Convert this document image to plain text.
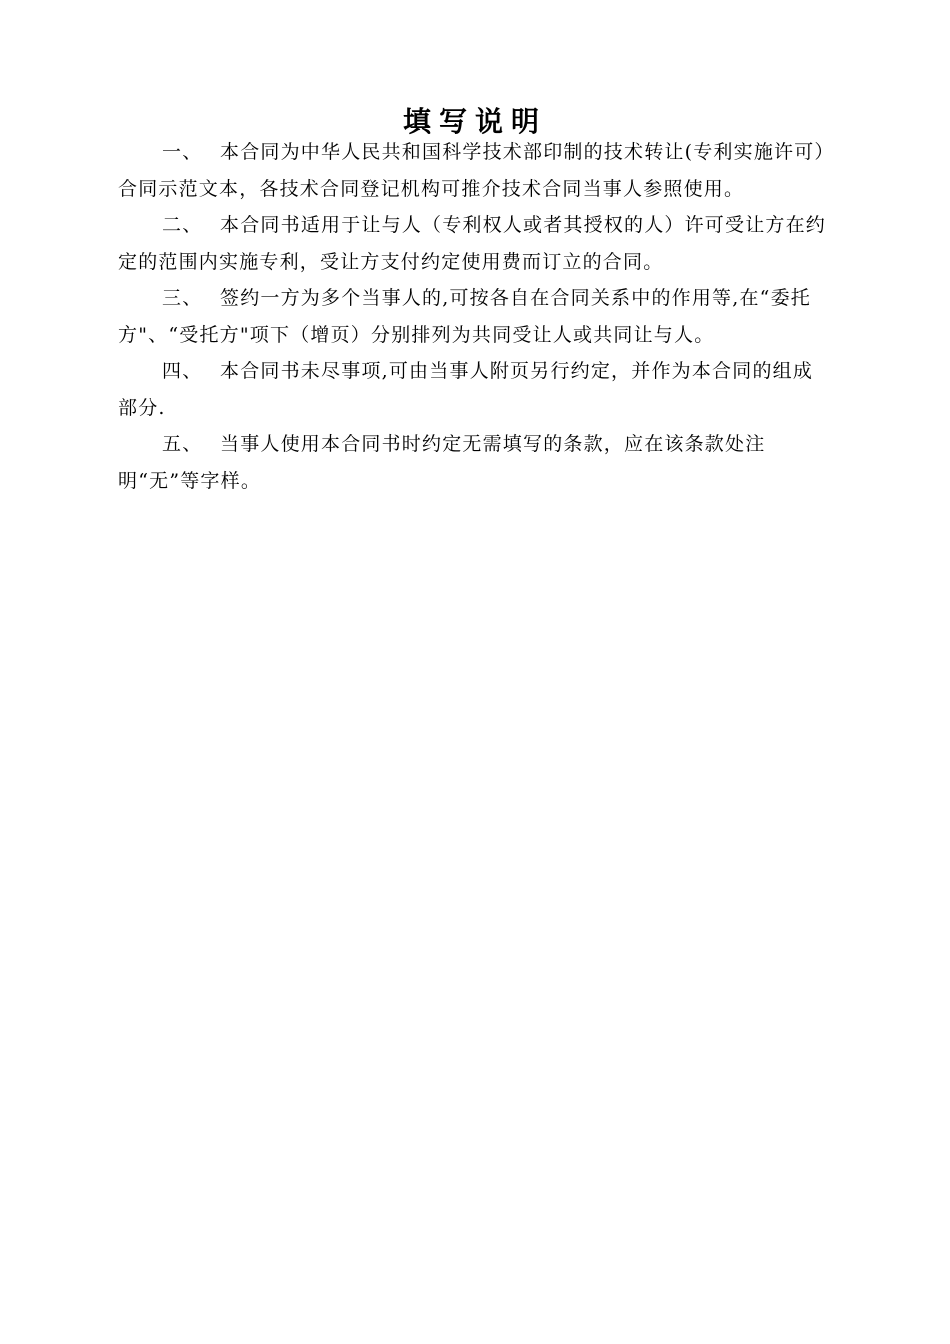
填写说明

一、 本合同为中华人民共和国科学技术部印制的技术转让(专利实施许可）合同示范文本，各技术合同登记机构可推介技术合同当事人参照使用。

二、 本合同书适用于让与人（专利权人或者其授权的人）许可受让方在约定的范围内实施专利，受让方支付约定使用费而订立的合同。

三、 签约一方为多个当事人的,可按各自在合同关系中的作用等,在“委托方"、“受托方"项下（增页）分别排列为共同受让人或共同让与人。

四、 本合同书未尽事项,可由当事人附页另行约定，并作为本合同的组成部分.

五、 当事人使用本合同书时约定无需填写的条款，应在该条款处注明“无”等字样。
